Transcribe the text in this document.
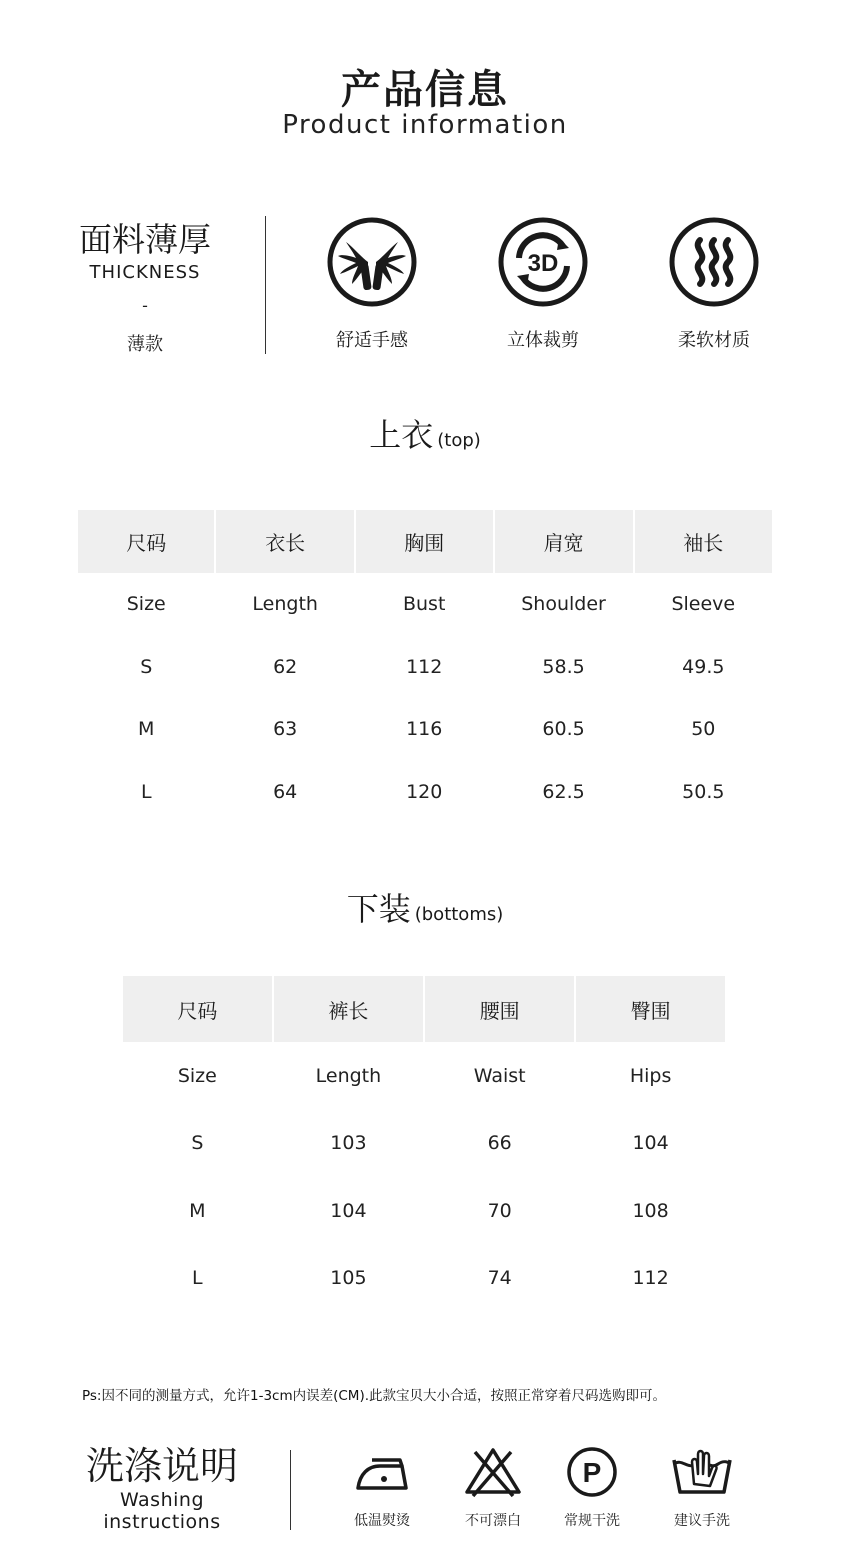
产品信息
Product information
面料薄厚
THICKNESS
-
薄款	舒适手感
3D
立体裁剪	柔软材质
上衣 (top)
尺码	衣长	胸围	肩宽	袖长
Size	Length	Bust	Shoulder	Sleeve
S	62	112	58.5	49.5
M	63	116	60.5	50
L	64	120	62.5	50.5
下装 (bottoms)
尺码	裤长	腰围	臀围
Size	Length	Waist	Hips
S	103	66	104
M	104	70	108
L	105	74	112
Ps:因不同的测量方式，允许1-3cm内误差(CM).此款宝贝大小合适，按照正常穿着尺码选购即可。
洗涤说明
Washing
instructions	低温熨烫	不可漂白
P
常规干洗	建议手洗
